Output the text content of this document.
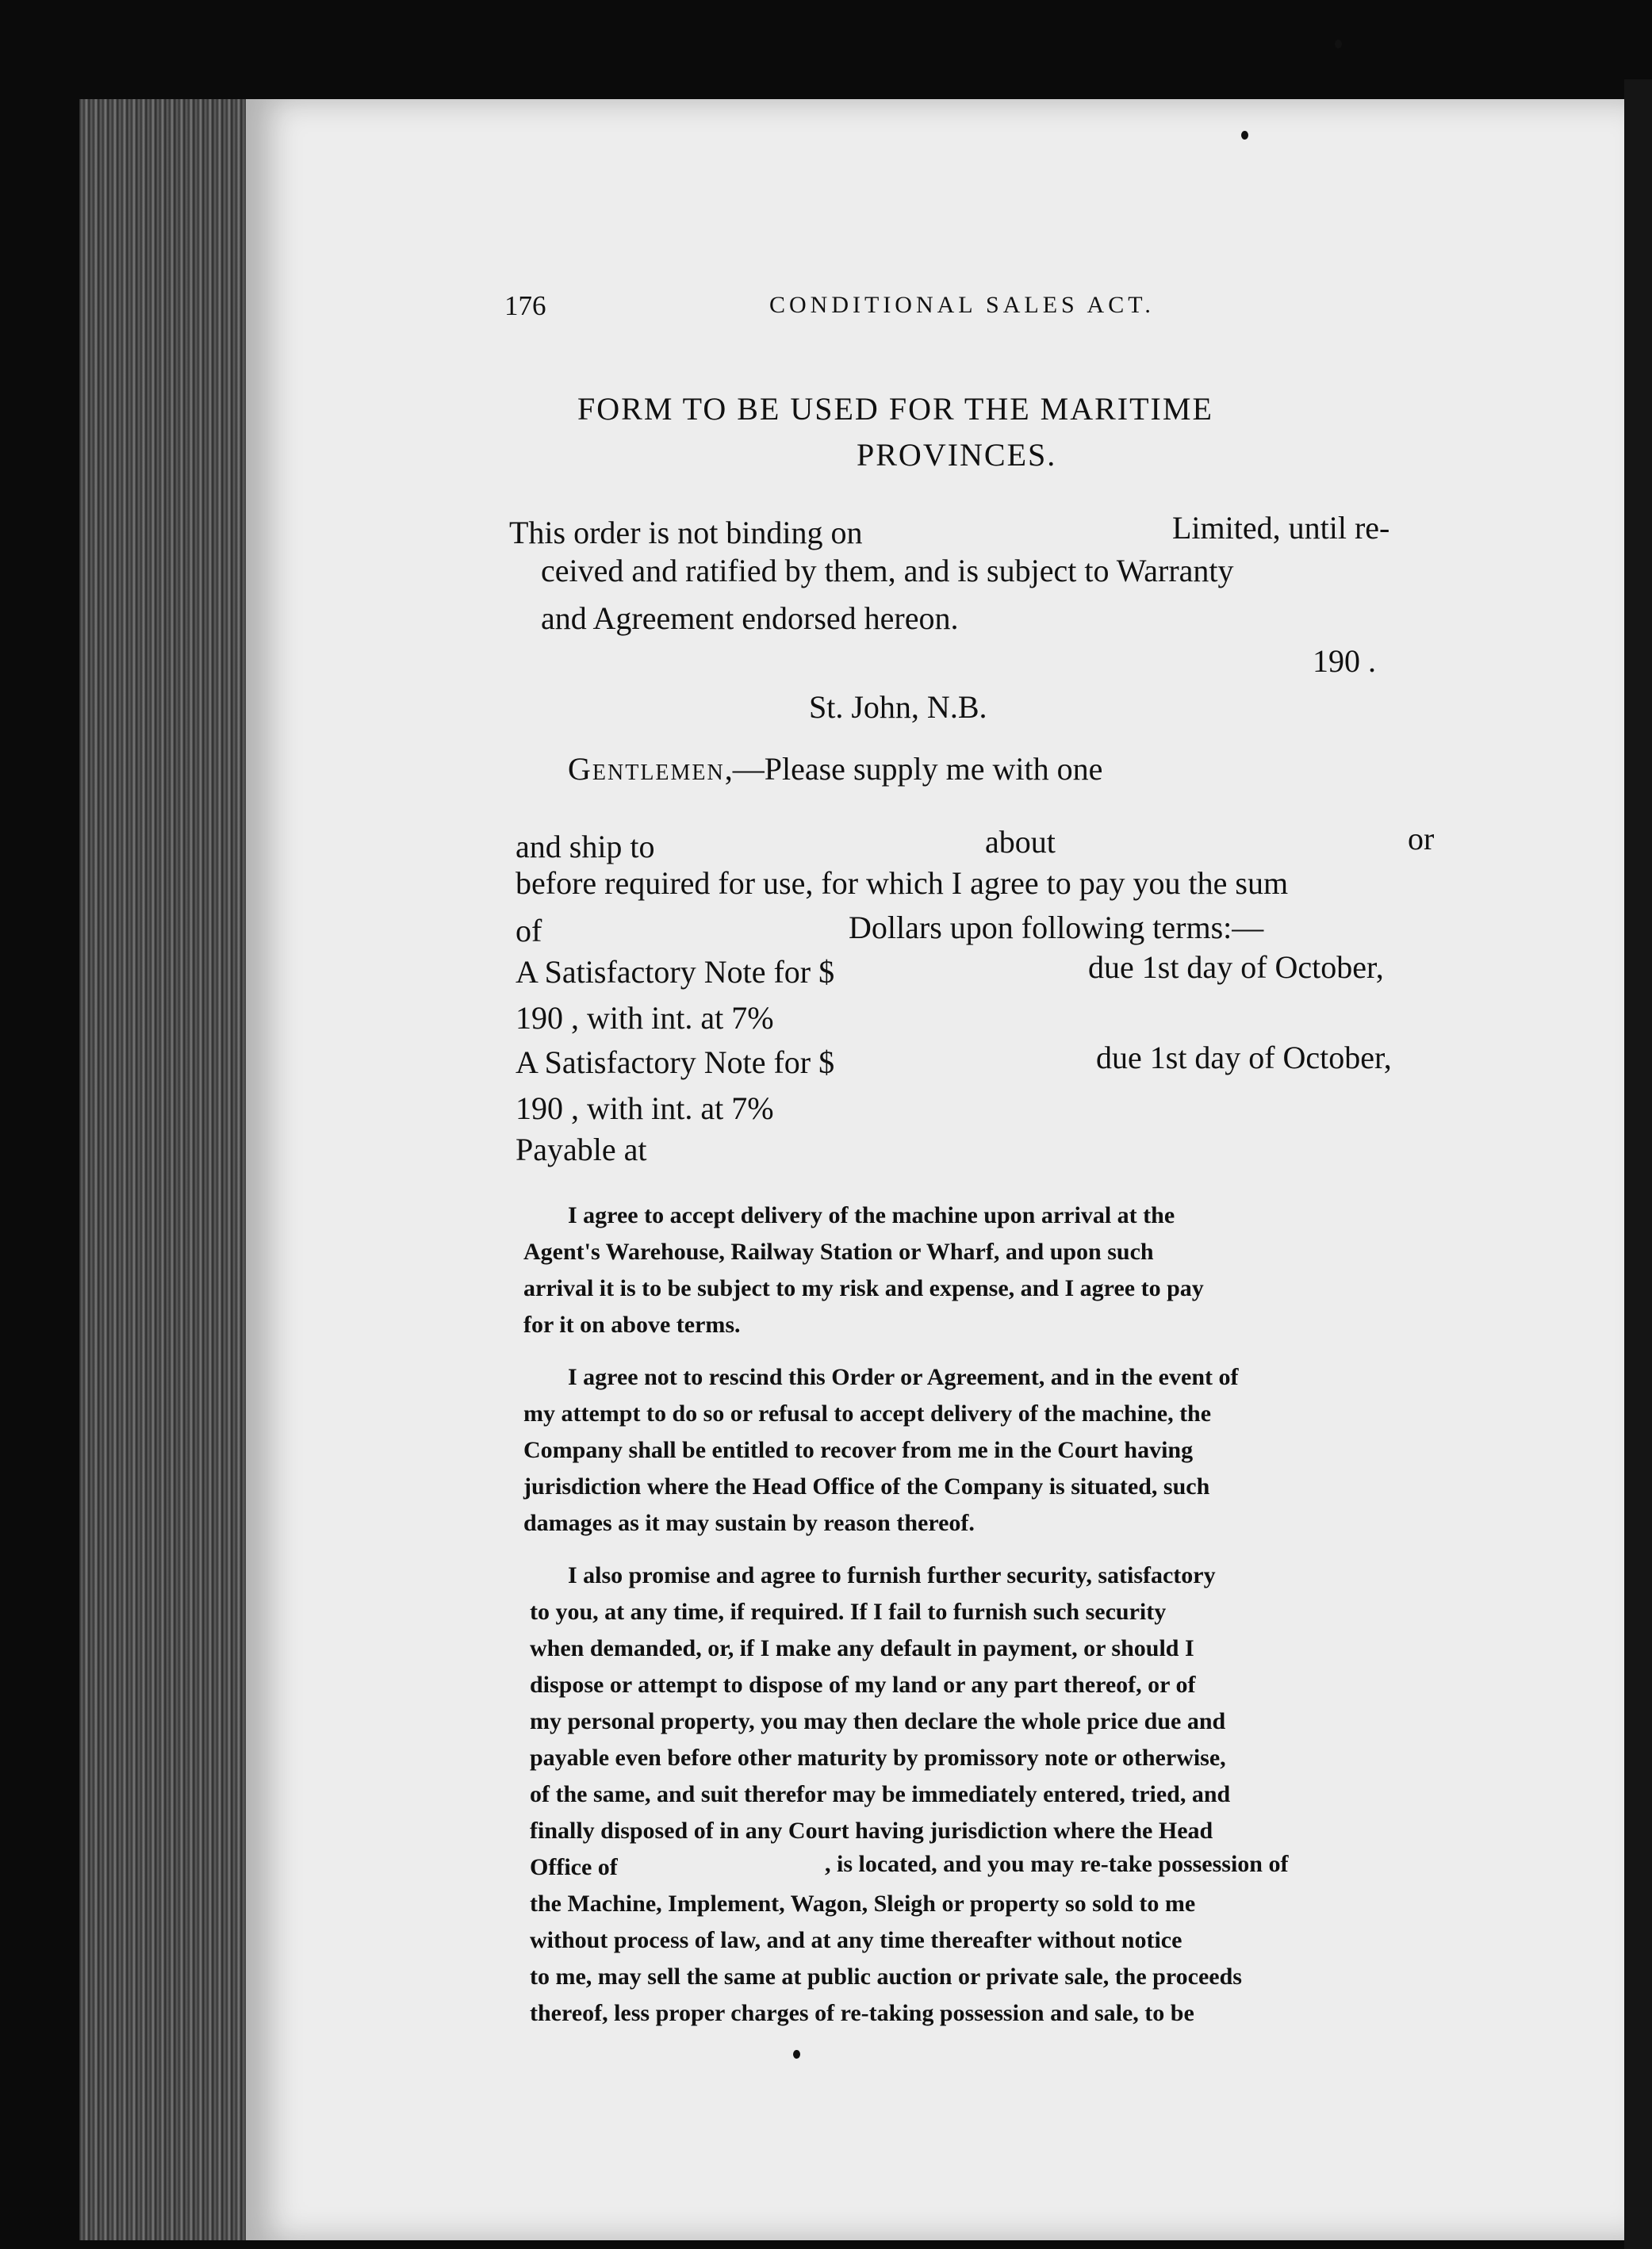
176	CONDITIONAL SALES ACT.
FORM TO BE USED FOR THE MARITIME
PROVINCES.
This order is not binding on	Limited, until re-
ceived and ratified by them, and is subject to Warranty
and Agreement endorsed hereon.
190 .
St. John, N.B.
Gentlemen,—Please supply me with one
and ship to	about	or
before required for use, for which I agree to pay you the sum
of	Dollars upon following terms:—
A Satisfactory Note for $	due 1st day of October,
190 , with int. at 7%
A Satisfactory Note for $	due 1st day of October,
190 , with int. at 7%
Payable at
I agree to accept delivery of the machine upon arrival at the
Agent's Warehouse, Railway Station or Wharf, and upon such
arrival it is to be subject to my risk and expense, and I agree to pay
for it on above terms.
I agree not to rescind this Order or Agreement, and in the event of
my attempt to do so or refusal to accept delivery of the machine, the
Company shall be entitled to recover from me in the Court having
jurisdiction where the Head Office of the Company is situated, such
damages as it may sustain by reason thereof.
I also promise and agree to furnish further security, satisfactory
to you, at any time, if required. If I fail to furnish such security
when demanded, or, if I make any default in payment, or should I
dispose or attempt to dispose of my land or any part thereof, or of
my personal property, you may then declare the whole price due and
payable even before other maturity by promissory note or otherwise,
of the same, and suit therefor may be immediately entered, tried, and
finally disposed of in any Court having jurisdiction where the Head
Office of	, is located, and you may re-take possession of
the Machine, Implement, Wagon, Sleigh or property so sold to me
without process of law, and at any time thereafter without notice
to me, may sell the same at public auction or private sale, the proceeds
thereof, less proper charges of re-taking possession and sale, to be
